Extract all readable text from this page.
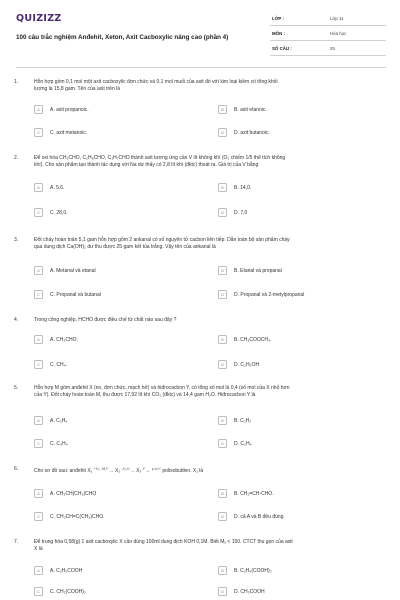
QUIZIZZ
100 câu trắc nghiệm Anđehit, Xeton, Axit Cacboxylic nâng cao (phần 4)
LỚP :	Lớp 11
MÔN :	Hóa học
SỐ CÂU :	25
1.	Hỗn hợp gồm 0,1 mol một axit cacboxylic đơn chức và 0,1 mol muối của axit đó với kim loại kiềm có tổng khối
lượng là 15,8 gam. Tên của axit trên là
A	A. axit propanoic.	B	B. axit etanoic.
C	C. axit metanoic.	D	D. axit butanoic.
2.	Để oxi hóa CH₃CHO, C₂H₅CHO, C₃H₇CHO thành axit tương ứng cần V lít không khí (O₂ chiếm 1/5 thể tích không
khí). Cho sản phẩm tạo thành tác dụng với Na dư thấy có 2,8 lít khí (đktc) thoát ra. Giá trị của V bằng
A	A. 5,6.	B	B. 14,0.
C	C. 28,0.	D	D. 7,0
3.	Đốt cháy hoàn toàn 5,1 gam hỗn hợp gồm 2 ankanal có số nguyên tử cacbon liên tiếp. Dẫn toàn bộ sản phẩm cháy
qua dung dịch Ca(OH)₂ dư thu được 25 gam kết tủa trắng. Vậy tên của ankanal là
A	A. Metanal và etanal	B	B. Etanal và propanal
C	C. Propanal và butanal	D	D. Propanal và 2-metylpropanal
4.	Trong công nghiệp, HCHO được điều chế từ chất nào sau đây ?
A	A. CH₃CHO.	B	B. CH₃COOCH₃.
C	C. CH₄.	D	D. C₂H₅OH
5.	Hỗn hợp M gồm anđehit X (no, đơn chức, mạch hở) và hiđrocacbon Y, có tổng số mol là 0,4 (số mol của X nhỏ hơn
của Y). Đốt cháy hoàn toàn M, thu được 17,92 lít khí CO₂ (đktc) và 14,4 gam H₂O. Hiđrocacbon Y là
A	A. C₃H₆	B	B. C₂H₂
C	C. C₃H₄	D	D. C₂H₄
6.	Cho sơ đồ sau: anđehit X₁ $^{+H_2, Ni,t^\circ}$→ X₂ $^{-H_2O}$→ X₃ $^{t^\circ}$→ $^{p,xt,t^\circ}$ polisobutilen. X₁ là
A	A. CH₃CH(CH₃)CHO	B	B. CH₂=CH-CHO.
C	C. CH₃CH=C(CH₃)CHO.	D	D. cả A và B đều đúng
7.	Để trung hòa 0,58(g) 1 axit cacboxylic X cần dùng 100ml dung dịch KOH 0,1M. Biết Mₓ < 150. CTCT thu gọn của axit
X là
A	A. C₂H₅COOH	B	B. C₂H₄(COOH)₂
C	C. CH₂(COOH)₂	D	D. CH₃COOH
